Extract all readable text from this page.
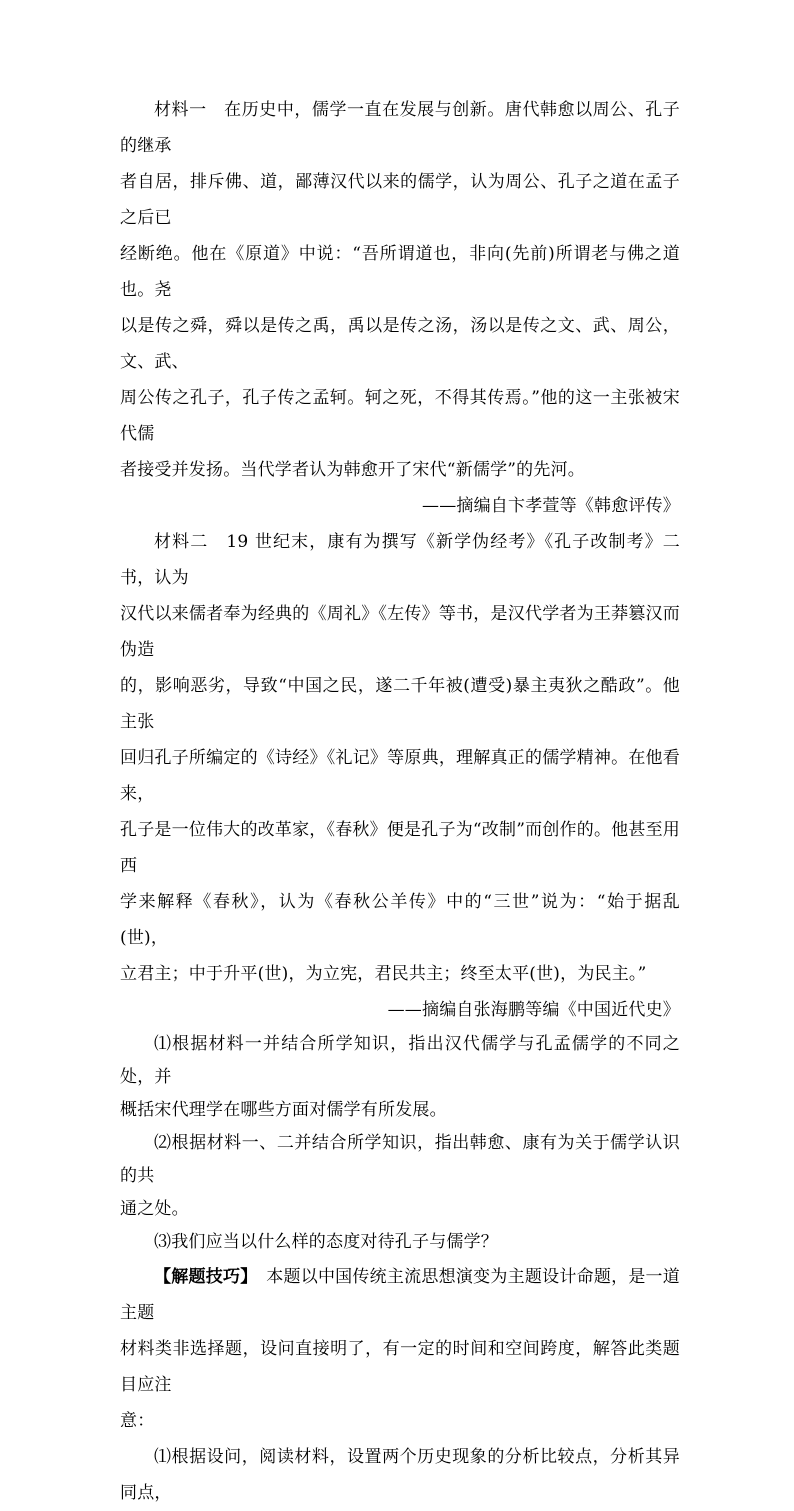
材料一　在历史中，儒学一直在发展与创新。唐代韩愈以周公、孔子的继承
者自居，排斥佛、道，鄙薄汉代以来的儒学，认为周公、孔子之道在孟子之后已
经断绝。他在《原道》中说：“吾所谓道也，非向(先前)所谓老与佛之道也。尧
以是传之舜，舜以是传之禹，禹以是传之汤，汤以是传之文、武、周公，文、武、
周公传之孔子，孔子传之孟轲。轲之死，不得其传焉。”他的这一主张被宋代儒
者接受并发扬。当代学者认为韩愈开了宋代“新儒学”的先河。

——摘编自卞孝萱等《韩愈评传》

材料二　19 世纪末，康有为撰写《新学伪经考》《孔子改制考》二书，认为
汉代以来儒者奉为经典的《周礼》《左传》等书，是汉代学者为王莽篡汉而伪造
的，影响恶劣，导致“中国之民，遂二千年被(遭受)暴主夷狄之酷政”。他主张
回归孔子所编定的《诗经》《礼记》等原典，理解真正的儒学精神。在他看来，
孔子是一位伟大的改革家，《春秋》便是孔子为“改制”而创作的。他甚至用西
学来解释《春秋》，认为《春秋公羊传》中的“三世”说为：“始于据乱(世)，
立君主；中于升平(世)，为立宪，君民共主；终至太平(世)，为民主。”

——摘编自张海鹏等编《中国近代史》

⑴根据材料一并结合所学知识，指出汉代儒学与孔孟儒学的不同之处，并
概括宋代理学在哪些方面对儒学有所发展。

⑵根据材料一、二并结合所学知识，指出韩愈、康有为关于儒学认识的共
通之处。

⑶我们应当以什么样的态度对待孔子与儒学？

【解题技巧】　本题以中国传统主流思想演变为主题设计命题，是一道主题
材料类非选择题，设问直接明了，有一定的时间和空间跨度，解答此类题目应注
意：

⑴根据设问，阅读材料，设置两个历史现象的分析比较点，分析其异同点，
